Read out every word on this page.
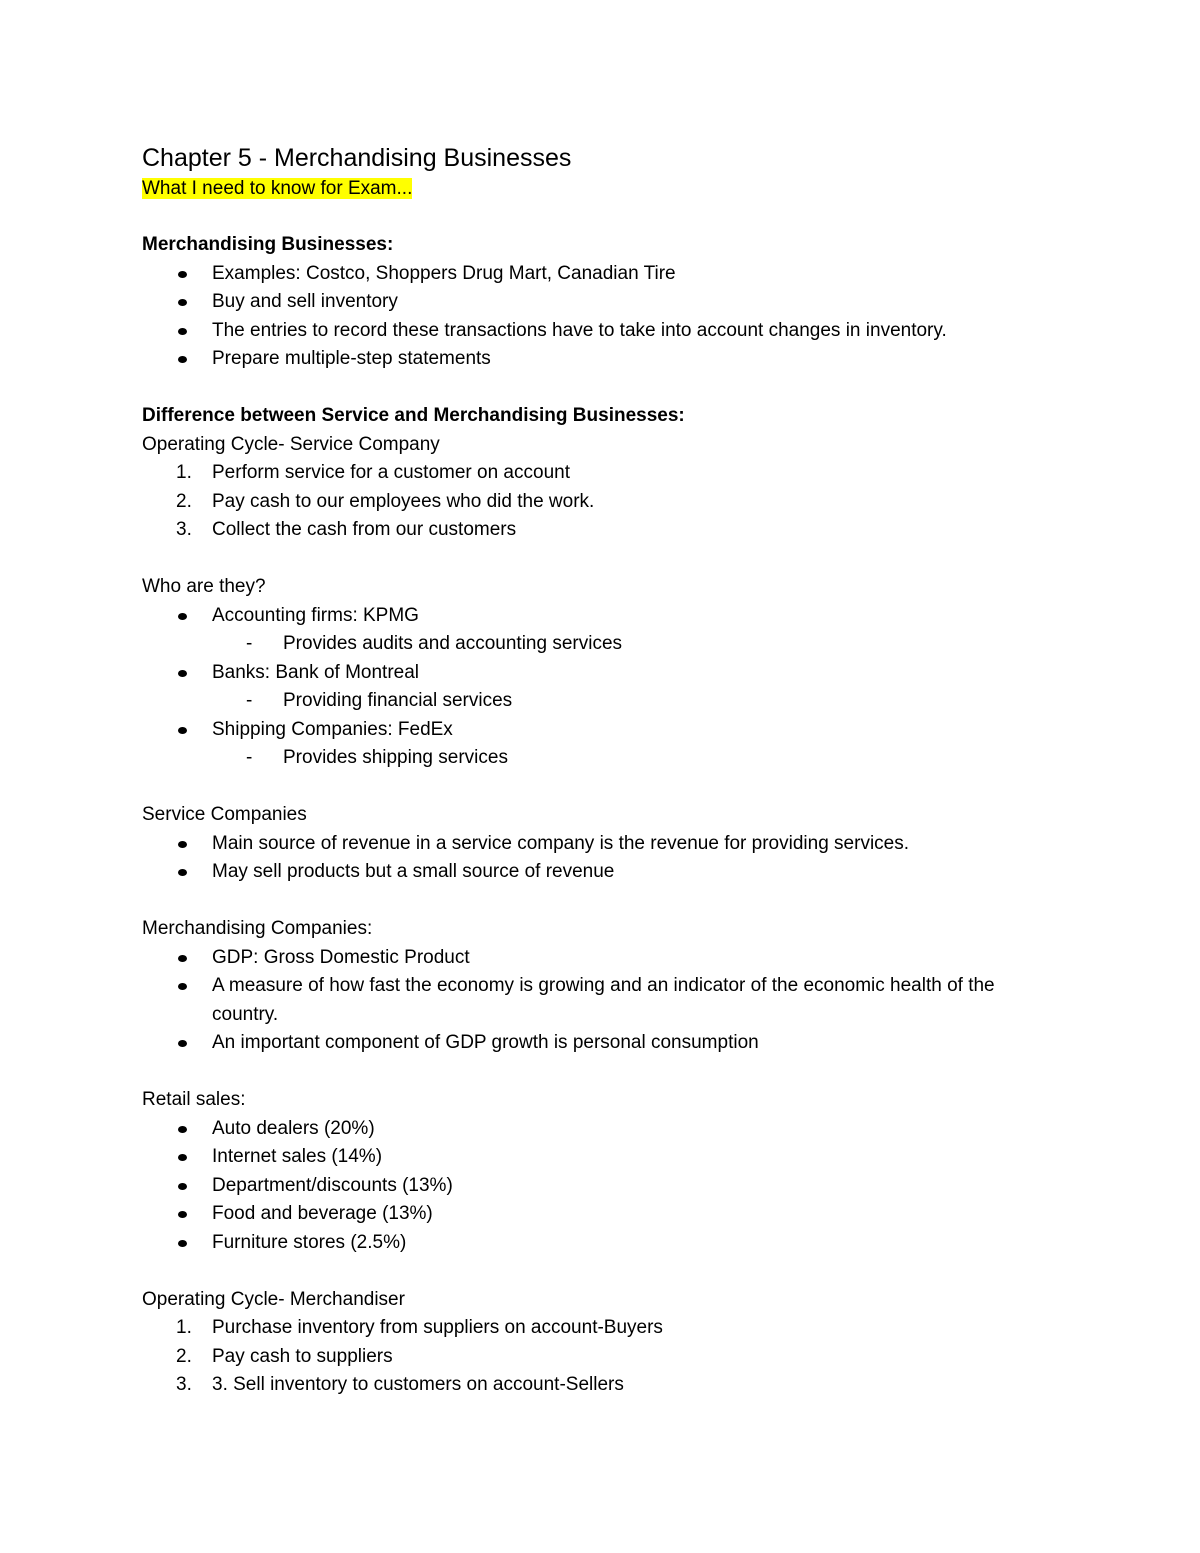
Chapter 5 - Merchandising Businesses

What I need to know for Exam...

Merchandising Businesses:

Examples: Costco, Shoppers Drug Mart, Canadian Tire
Buy and sell inventory
The entries to record these transactions have to take into account changes in inventory.
Prepare multiple-step statements

Difference between Service and Merchandising Businesses:

Operating Cycle- Service Company

1. Perform service for a customer on account
2. Pay cash to our employees who did the work.
3. Collect the cash from our customers

Who are they?

Accounting firms: KPMG
- Provides audits and accounting services
Banks: Bank of Montreal
- Providing financial services
Shipping Companies: FedEx
- Provides shipping services

Service Companies

Main source of revenue in a service company is the revenue for providing services.
May sell products but a small source of revenue

Merchandising Companies:

GDP: Gross Domestic Product
A measure of how fast the economy is growing and an indicator of the economic health of the country.
An important component of GDP growth is personal consumption

Retail sales:

Auto dealers (20%)
Internet sales (14%)
Department/discounts (13%)
Food and beverage (13%)
Furniture stores (2.5%)

Operating Cycle- Merchandiser

1. Purchase inventory from suppliers on account-Buyers
2. Pay cash to suppliers
3. 3. Sell inventory to customers on account-Sellers
